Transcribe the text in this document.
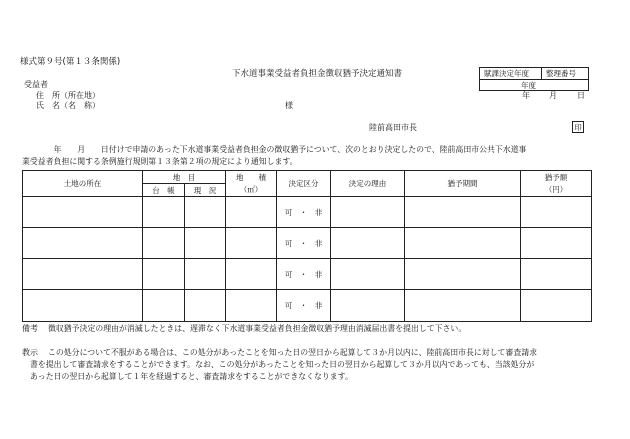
様式第９号(第１３条関係)
下水道事業受益者負担金徴収猶予決定通知書	賦課決定年度 整理番号
年度
年 月	日
受益者
住　所（所在地）
氏　名（名　称）	様
陸前高田市長	印
　　　　年　　月　　日付けで申請のあった下水道事業受益者負担金の徴収猶予について、次のとおり決定したので、陸前高田市公共下水道事
業受益者負担に関する条例施行規則第１３条第２項の規定により通知します。
土地の所在	地　目		地　　積	決定区分	決定の理由	猶予期間	猶予額
	台　帳	現　況	（㎡）				（円）
				可　・　非			
				可　・　非			
				可　・　非			
				可　・　非			
備考 徴収猶予決定の理由が消滅したときは、遅滞なく下水道事業受益者負担金徴収猶予理由消滅届出書を提出して下さい。
教示 この処分について不服がある場合は、この処分があったことを知った日の翌日から起算して３か月以内に、陸前高田市長に対して審査請求
書を提出して審査請求をすることができます。なお、この処分があったことを知った日の翌日から起算して３か月以内であっても、当該処分が
あった日の翌日から起算して１年を経過すると、審査請求をすることができなくなります。
